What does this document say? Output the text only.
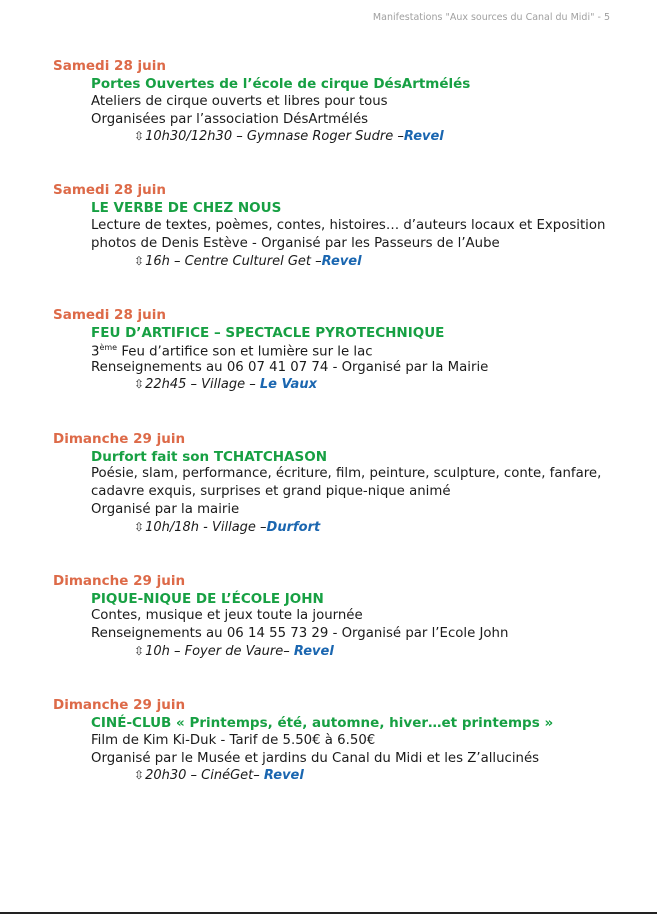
Manifestations "Aux sources du Canal du Midi" - 5
Samedi 28 juin
Portes Ouvertes de l’école de cirque DésArtmélés
Ateliers de cirque ouverts et libres pour tous
Organisées par l’association DésArtmélés
⇳10h30/12h30 – Gymnase Roger Sudre –Revel
Samedi 28 juin
LE VERBE DE CHEZ NOUS
Lecture de textes, poèmes, contes, histoires… d’auteurs locaux et Exposition
photos de Denis Estève - Organisé par les Passeurs de l’Aube
⇳16h – Centre Culturel Get –Revel
Samedi 28 juin
FEU D’ARTIFICE – SPECTACLE PYROTECHNIQUE
3ème Feu d’artifice son et lumière sur le lac
Renseignements au 06 07 41 07 74 - Organisé par la Mairie
⇳22h45 – Village – Le Vaux
Dimanche 29 juin
Durfort fait son TCHATCHASON
Poésie, slam, performance, écriture, film, peinture, sculpture, conte, fanfare,
cadavre exquis, surprises et grand pique-nique animé
Organisé par la mairie
⇳10h/18h - Village –Durfort
Dimanche 29 juin
PIQUE-NIQUE DE L’ÉCOLE JOHN
Contes, musique et jeux toute la journée
Renseignements au 06 14 55 73 29 - Organisé par l’Ecole John
⇳10h – Foyer de Vaure– Revel
Dimanche 29 juin
CINÉ-CLUB « Printemps, été, automne, hiver…et printemps »
Film de Kim Ki-Duk - Tarif de 5.50€ à 6.50€
Organisé par le Musée et jardins du Canal du Midi et les Z’allucinés
⇳20h30 – CinéGet– Revel
